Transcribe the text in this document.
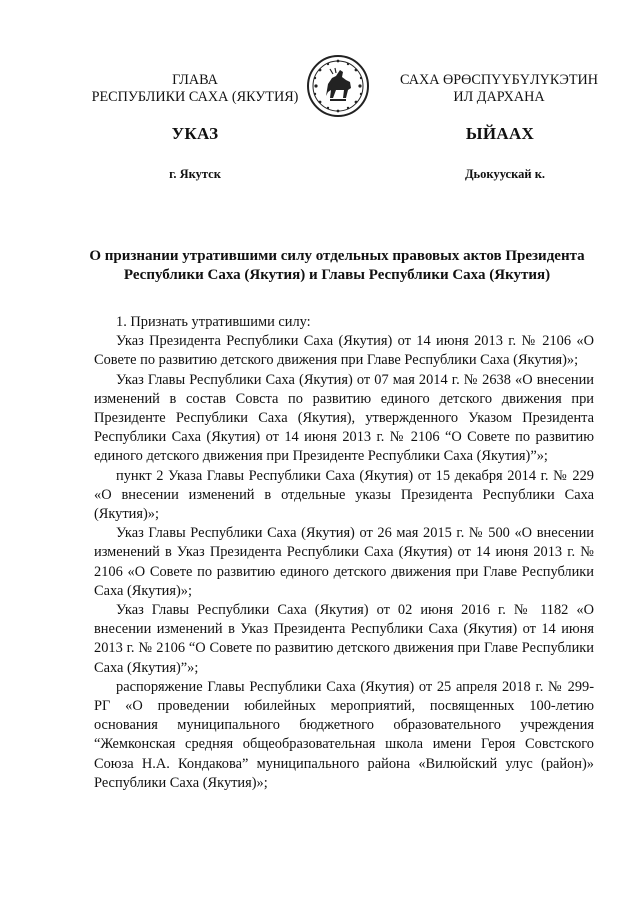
ГЛАВА
РЕСПУБЛИКИ САХА (ЯКУТИЯ)
САХА ӨРӨСПҮҮБҮЛҮКЭТИН
ИЛ ДАРХАНА
УКАЗ	ЫЙААХ
г. Якутск	Дьокуускай к.
О признании утратившими силу отдельных правовых актов Президента Республики Саха (Якутия) и Главы Республики Саха (Якутия)

1. Признать утратившими силу:

Указ Президента Республики Саха (Якутия) от 14 июня 2013 г. № 2106 «О Совете по развитию детского движения при Главе Республики Саха (Якутия)»;

Указ Главы Республики Саха (Якутия) от 07 мая 2014 г. № 2638 «О внесении изменений в состав Совста по развитию единого детского движения при Президенте Республики Саха (Якутия), утвержденного Указом Президента Республики Саха (Якутия) от 14 июня 2013 г. № 2106 “О Совете по развитию единого детского движения при Президенте Республики Саха (Якутия)”»;

пункт 2 Указа Главы Республики Саха (Якутия) от 15 декабря 2014 г. № 229 «О внесении изменений в отдельные указы Президента Республики Саха (Якутия)»;

Указ Главы Республики Саха (Якутия) от 26 мая 2015 г. № 500 «О внесении изменений в Указ Президента Республики Саха (Якутия) от 14 июня 2013 г. № 2106 «О Совете по развитию единого детского движения при Главе Республики Саха (Якутия)»;

Указ Главы Республики Саха (Якутия) от 02 июня 2016 г. № 1182 «О внесении изменений в Указ Президента Республики Саха (Якутия) от 14 июня 2013 г. № 2106 “О Совете по развитию детского движения при Главе Республики Саха (Якутия)”»;

распоряжение Главы Республики Саха (Якутия) от 25 апреля 2018 г. № 299-РГ «О проведении юбилейных мероприятий, посвященных 100-летию основания муниципального бюджетного образовательного учреждения “Жемконская средняя общеобразовательная школа имени Героя Совстского Союза Н.А. Кондакова” муниципального района «Вилюйский улус (район)» Республики Саха (Якутия)»;
